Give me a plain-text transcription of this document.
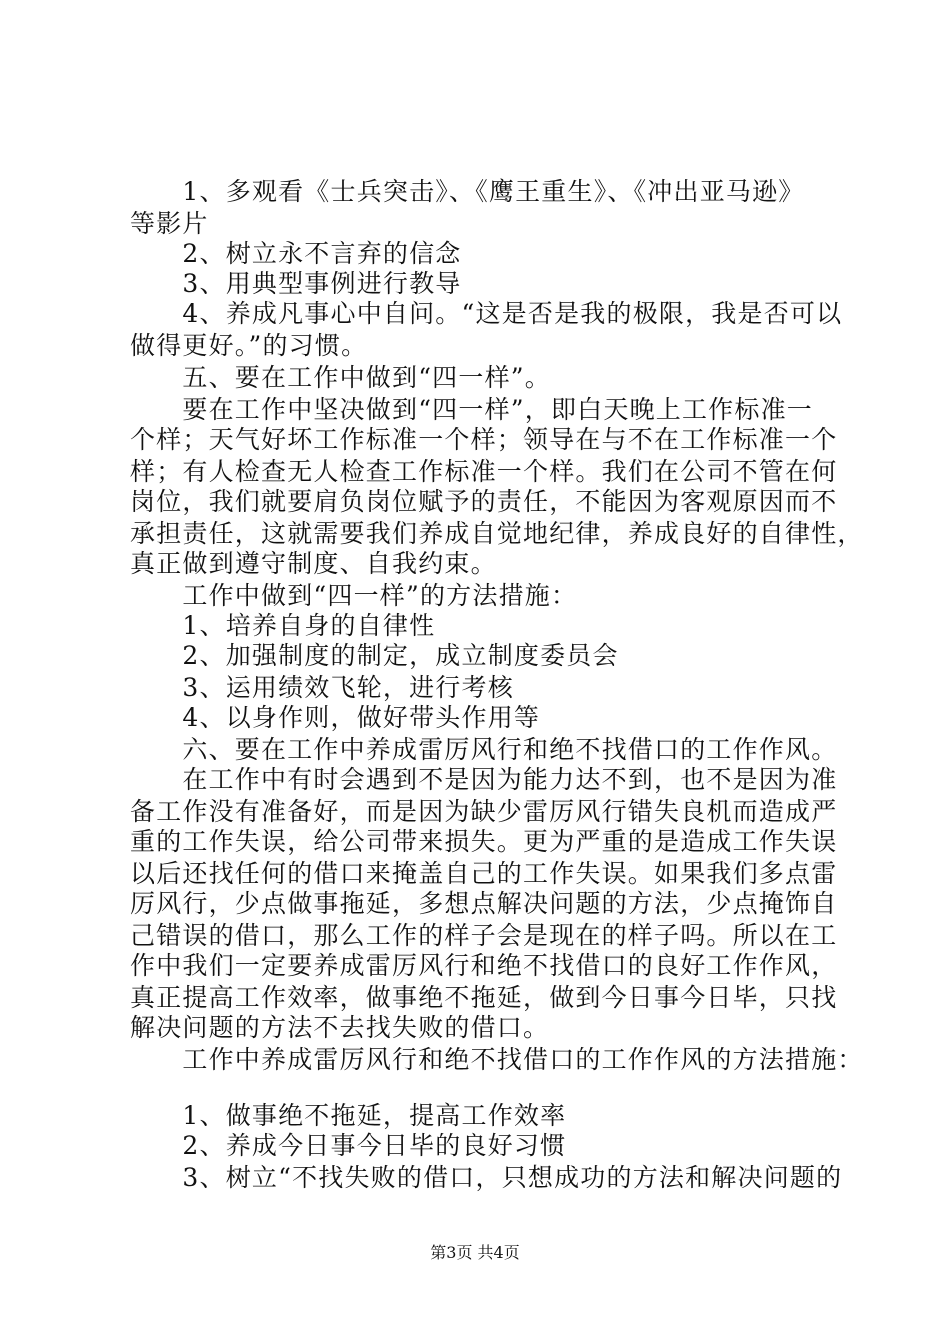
　　1、多观看《士兵突击》、《鹰王重生》、《冲出亚马逊》
等影片
　　2、树立永不言弃的信念
　　3、用典型事例进行教导
　　4、养成凡事心中自问。“这是否是我的极限，我是否可以
做得更好。”的习惯。
　　五、要在工作中做到“四一样”。
　　要在工作中坚决做到“四一样”，即白天晚上工作标准一
个样；天气好坏工作标准一个样；领导在与不在工作标准一个
样；有人检查无人检查工作标准一个样。我们在公司不管在何
岗位，我们就要肩负岗位赋予的责任，不能因为客观原因而不
承担责任，这就需要我们养成自觉地纪律，养成良好的自律性，
真正做到遵守制度、自我约束。
　　工作中做到“四一样”的方法措施：
　　1、培养自身的自律性
　　2、加强制度的制定，成立制度委员会
　　3、运用绩效飞轮，进行考核
　　4、以身作则，做好带头作用等
　　六、要在工作中养成雷厉风行和绝不找借口的工作作风。
　　在工作中有时会遇到不是因为能力达不到，也不是因为准
备工作没有准备好，而是因为缺少雷厉风行错失良机而造成严
重的工作失误，给公司带来损失。更为严重的是造成工作失误
以后还找任何的借口来掩盖自己的工作失误。如果我们多点雷
厉风行，少点做事拖延，多想点解决问题的方法，少点掩饰自
己错误的借口，那么工作的样子会是现在的样子吗。所以在工
作中我们一定要养成雷厉风行和绝不找借口的良好工作作风，
真正提高工作效率，做事绝不拖延，做到今日事今日毕，只找
解决问题的方法不去找失败的借口。
　　工作中养成雷厉风行和绝不找借口的工作作风的方法措施：
　　1、做事绝不拖延，提高工作效率
　　2、养成今日事今日毕的良好习惯
　　3、树立“不找失败的借口，只想成功的方法和解决问题的
第3页 共4页
